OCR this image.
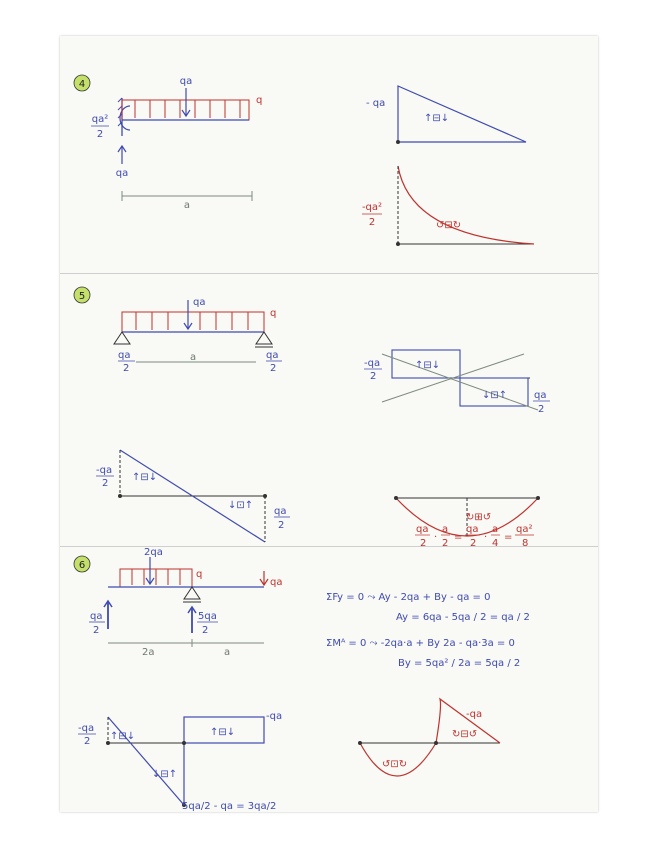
4	qa
q
qa²
2
qa
a
- qa
↑⊟↓
-qa²
2	↺⊟↻
5
qa
q
qa
2
qa
2
a
-qa
2
↑⊟↓
↓⊡↑	qa
2
-qa
2
↑⊟↓
↓⊡↑
qa
2
↻⊞↺
qa
2
·
a
2
=
qa
2
·
a
4
=
qa²
8
6
2qa
q
qa
qa
2
5qa
2
2a	a
ΣFy = 0 ⤳ Ay - 2qa + By - qa = 0
Ay = 6qa - 5qa / 2 = qa / 2
ΣMᴬ = 0 ⤳ -2qa·a + By 2a - qa·3a = 0
By = 5qa² / 2a = 5qa / 2
-qa
2 ↑⊟↓
↓⊟↑
↑⊟↓
-qa
5qa/2 - qa = 3qa/2
-qa
↺⊡↻
↻⊟↺
